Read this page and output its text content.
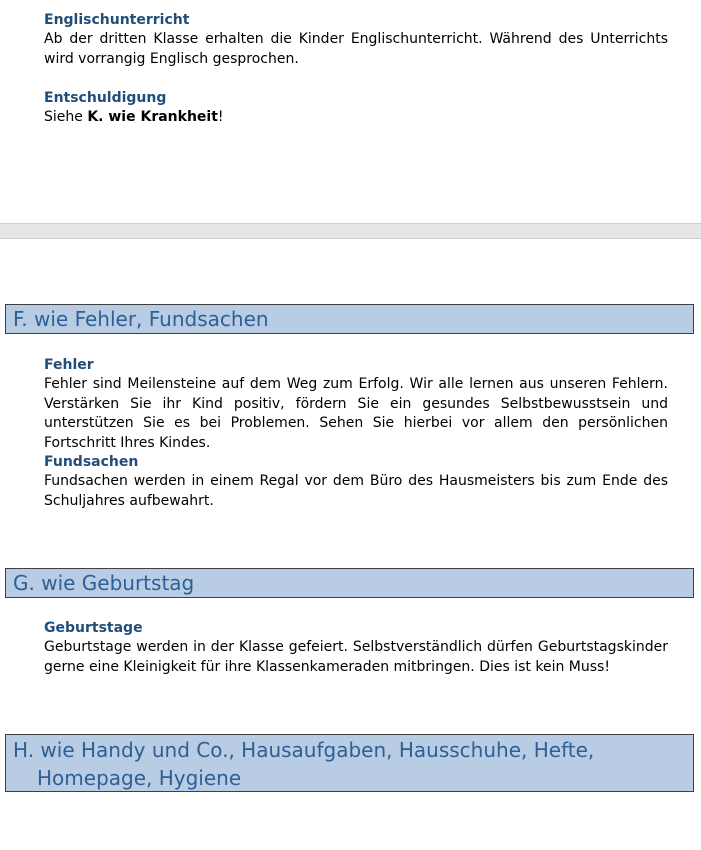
Englischunterricht
Ab der dritten Klasse erhalten die Kinder Englischunterricht. Während des Unterrichts wird vorrangig Englisch gesprochen.
Entschuldigung
Siehe K. wie Krankheit!
F. wie Fehler, Fundsachen
Fehler
Fehler sind Meilensteine auf dem Weg zum Erfolg. Wir alle lernen aus unseren Fehlern. Verstärken Sie ihr Kind positiv, fördern Sie ein gesundes Selbstbewusstsein und unterstützen Sie es bei Problemen. Sehen Sie hierbei vor allem den persönlichen Fortschritt Ihres Kindes.
Fundsachen
Fundsachen werden in einem Regal vor dem Büro des Hausmeisters bis zum Ende des Schuljahres aufbewahrt.
G. wie Geburtstag
Geburtstage
Geburtstage werden in der Klasse gefeiert. Selbstverständlich dürfen Geburtstagskinder gerne eine Kleinigkeit für ihre Klassenkameraden mitbringen. Dies ist kein Muss!
H. wie Handy und Co., Hausaufgaben, Hausschuhe, Hefte, Homepage, Hygiene
